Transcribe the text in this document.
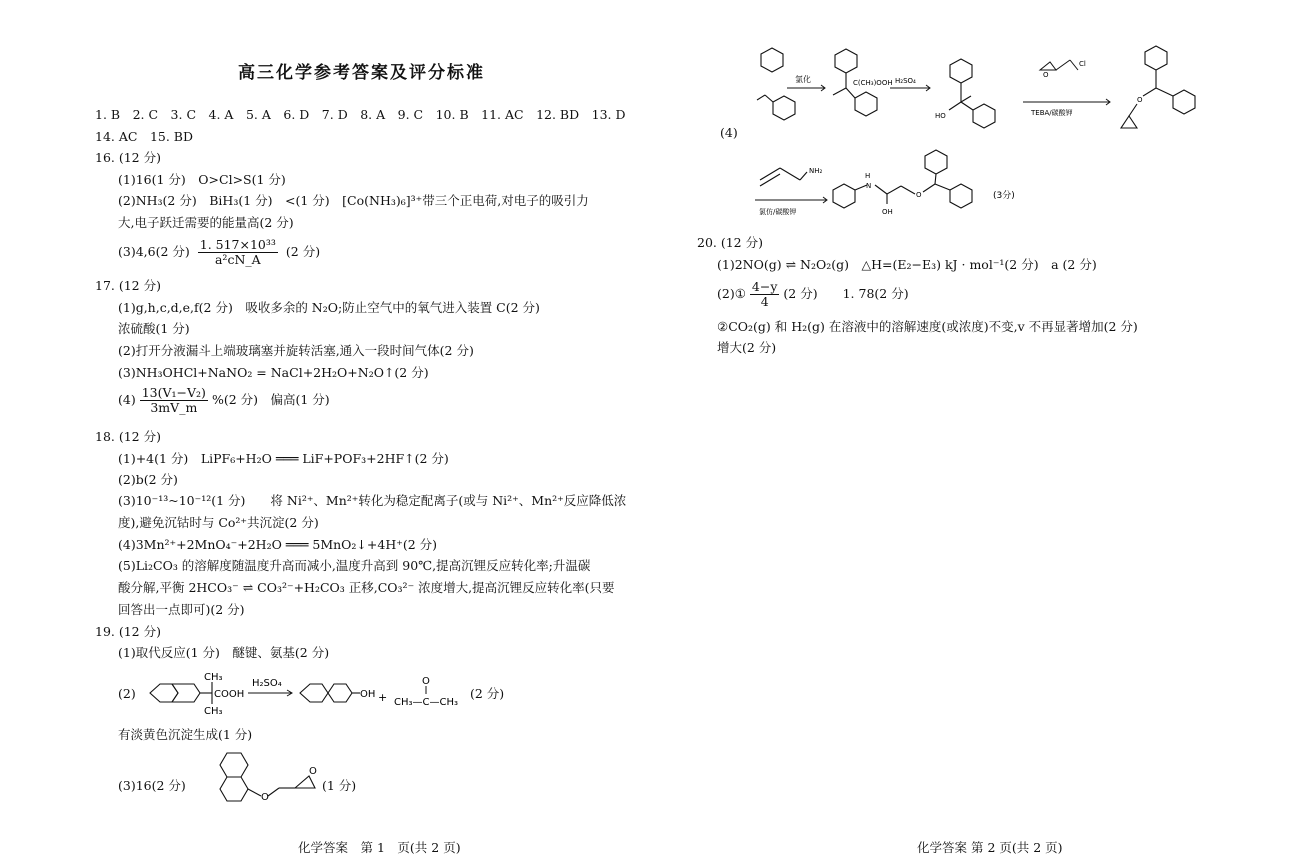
高三化学参考答案及评分标准
1. B　2. C　3. C　4. A　5. A　6. D　7. D　8. A　9. C　10. B　11. AC　12. BD　13. D
14. AC　15. BD
16. (12 分)
(1)16(1 分)　O>Cl>S(1 分)
(2)NH₃(2 分)　BiH₃(1 分)　<(1 分)　[Co(NH₃)₆]³⁺带三个正电荷,对电子的吸引力
大,电子跃迁需要的能量高(2 分)
(3)4,6(2 分) $\frac{\text{1. 517×10³³}}{\text{a²cN\_A}} (2$ 分)
17. (12 分)
(1)g,h,c,d,e,f(2 分)　吸收多余的 N₂O;防止空气中的氧气进入装置 C(2 分)
浓硫酸(1 分)
(2)打开分液漏斗上端玻璃塞并旋转活塞,通入一段时间气体(2 分)
(3)NH₃OHCl+NaNO₂ = NaCl+2H₂O+N₂O↑(2 分)
$(4) \frac{\text{13(V₁−V₂)}}{3mV\_m} \%(2$ 分)　偏高(1 分)
18. (12 分)
(1)+4(1 分)　LiPF₆+H₂O ═══ LiF+POF₃+2HF↑(2 分)
(2)b(2 分)
(3)10⁻¹³~10⁻¹²(1 分)　　将 Ni²⁺、Mn²⁺转化为稳定配离子(或与 Ni²⁺、Mn²⁺反应降低浓
度),避免沉钴时与 Co²⁺共沉淀(2 分)
(4)3Mn²⁺+2MnO₄⁻+2H₂O ═══ 5MnO₂↓+4H⁺(2 分)
(5)Li₂CO₃ 的溶解度随温度升高而减小,温度升高到 90℃,提高沉锂反应转化率;升温碳
酸分解,平衡 2HCO₃⁻ ⇌ CO₃²⁻+H₂CO₃ 正移,CO₃²⁻ 浓度增大,提高沉锂反应转化率(只要
回答出一点即可)(2 分)
19. (12 分)
(1)取代反应(1 分)　醚键、氨基(2 分)
(2)
CH₃
COOH
CH₃
H₂SO₄
OH +
O
CH₃—C—CH₃
(2 分)
有淡黄色沉淀生成(1 分)
(3)16(2 分)
O
O
(1 分)
化学答案　第 1　页(共 2 页)
(4)
氯化	C(CH₃)OOH H₂SO₄
HO
O
Cl
TEBA/碳酸钾
O
NH₂
氯仿/碳酸钾
H
N
OH
O	(3分)
20. (12 分)
(1)2NO(g) ⇌ N₂O₂(g)　△H=(E₂−E₃) kJ · mol⁻¹(2 分)　a (2 分)
(2)① $\frac{4-y}{4} (2$ 分)　　1. 78(2 分)
②CO₂(g) 和 H₂(g) 在溶液中的溶解速度(或浓度)不变,v 不再显著增加(2 分)
增大(2 分)
化学答案 第 2 页(共 2 页)
